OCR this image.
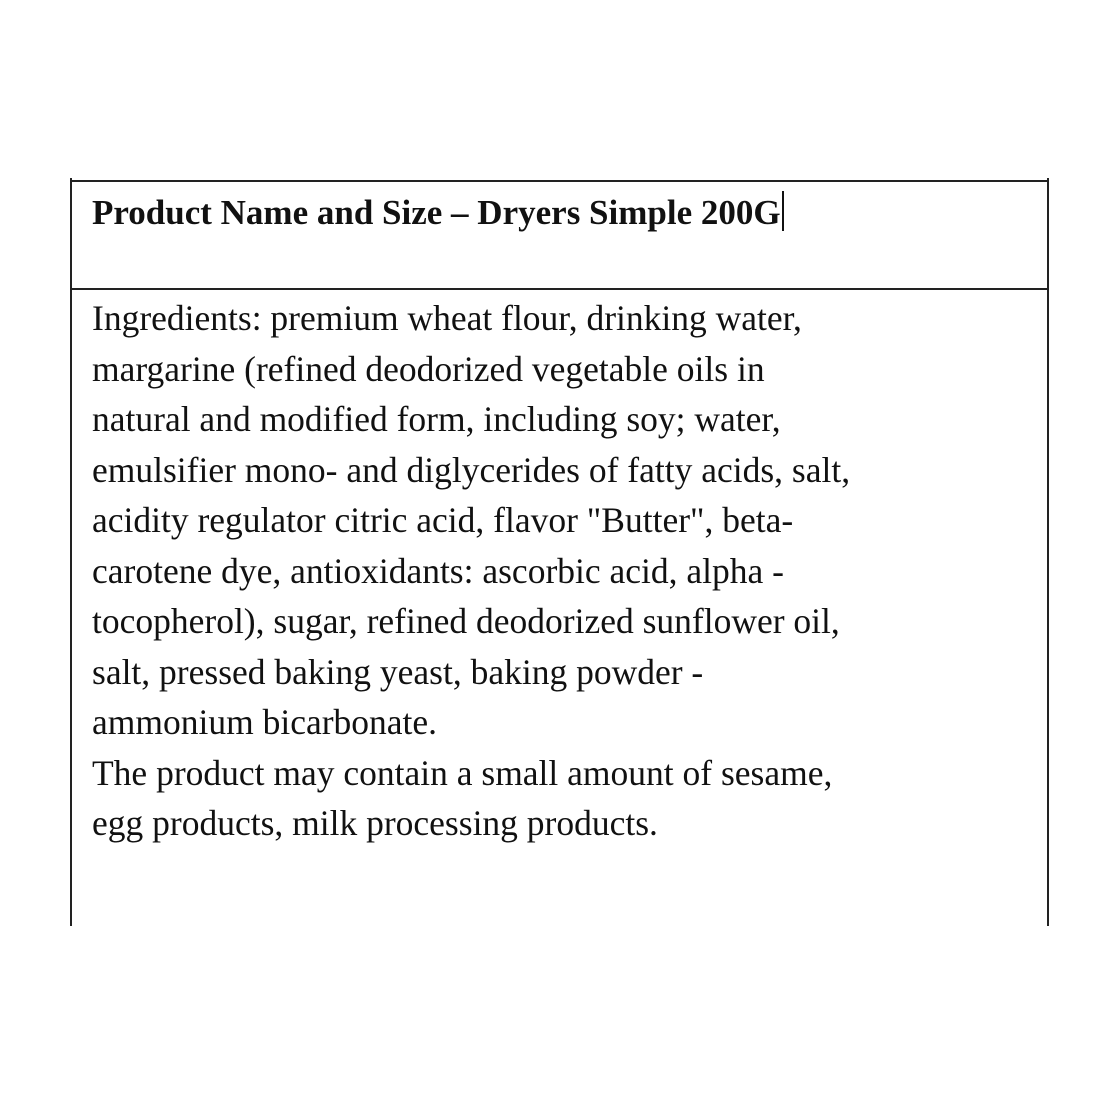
Product Name and Size – Dryers Simple 200G
Ingredients: premium wheat flour, drinking water,
margarine (refined deodorized vegetable oils in
natural and modified form, including soy; water,
emulsifier mono- and diglycerides of fatty acids, salt,
acidity regulator citric acid, flavor "Butter", beta-
carotene dye, antioxidants: ascorbic acid, alpha -
tocopherol), sugar, refined deodorized sunflower oil,
salt, pressed baking yeast, baking powder -
ammonium bicarbonate.
The product may contain a small amount of sesame,
egg products, milk processing products.
